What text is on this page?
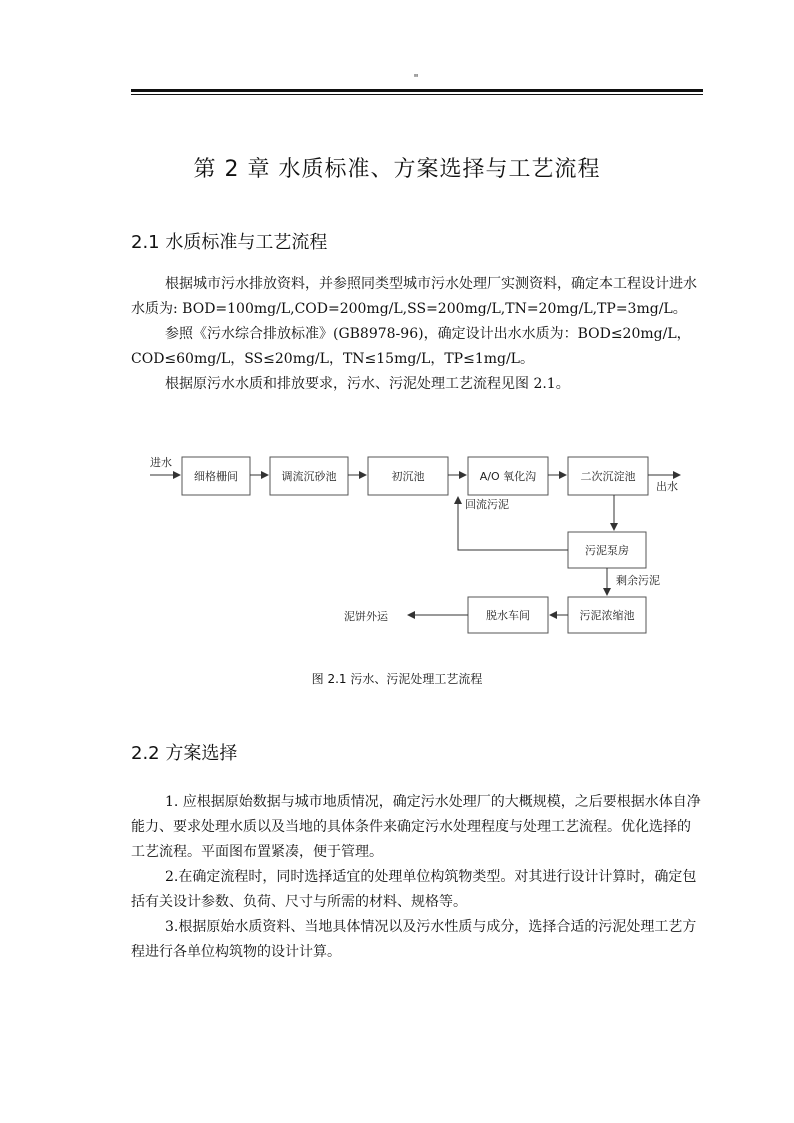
"
第 2 章 水质标准、方案选择与工艺流程
2.1 水质标准与工艺流程

根据城市污水排放资料，并参照同类型城市污水处理厂实测资料，确定本工程设计进水水质为: BOD=100mg/L,COD=200mg/L,SS=200mg/L,TN=20mg/L,TP=3mg/L。

参照《污水综合排放标准》(GB8978-96)，确定设计出水水质为：BOD≤20mg/L，COD≤60mg/L，SS≤20mg/L，TN≤15mg/L，TP≤1mg/L。

根据原污水水质和排放要求，污水、污泥处理工艺流程见图 2.1。

进水
细格栅间	调流沉砂池	初沉池	A/O 氧化沟	二次沉淀池
出水
污泥泵房
回流污泥
剩余污泥
污泥浓缩池
脱水车间
泥饼外运
图 2.1 污水、污泥处理工艺流程
2.2 方案选择

1. 应根据原始数据与城市地质情况，确定污水处理厂的大概规模，之后要根据水体自净能力、要求处理水质以及当地的具体条件来确定污水处理程度与处理工艺流程。优化选择的工艺流程。平面图布置紧凑，便于管理。

2.在确定流程时，同时选择适宜的处理单位构筑物类型。对其进行设计计算时，确定包括有关设计参数、负荷、尺寸与所需的材料、规格等。

3.根据原始水质资料、当地具体情况以及污水性质与成分，选择合适的污泥处理工艺方程进行各单位构筑物的设计计算。
